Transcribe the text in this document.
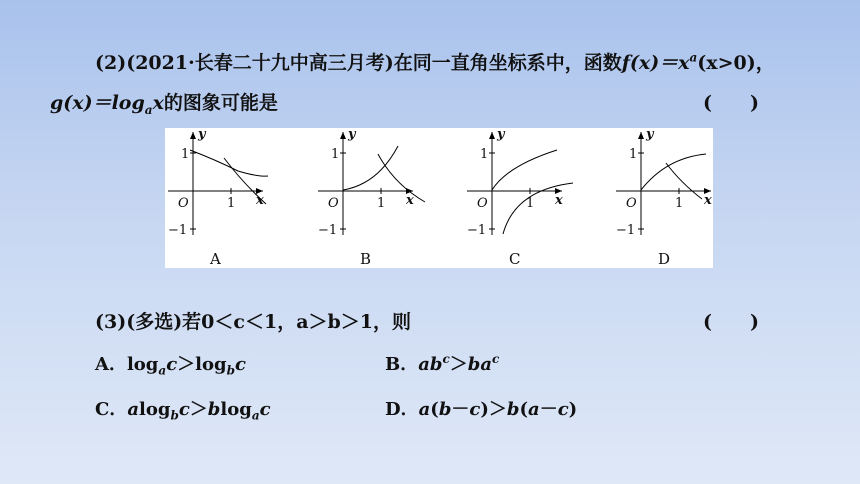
(2)(2021·长春二十九中高三月考)在同一直角坐标系中，函数$f(x)=x^a(x>0)$，
$g(x)=\log_ax$的图象可能是	(　　)
y
x
O
1
−1
1
A
y
x
O
1
−1
1
B
y
x
O
1
−1
1
C
y
x
O
1
−1
1
D
(3)(多选)若0＜c＜1，a＞b＞1，则	(　　)
A．$\log_ac>\log_bc$	B．$ab^c>ba^c$
C．alog$_b$c＞blog$_a$c	D．a(b－c)＞b(a－c)
